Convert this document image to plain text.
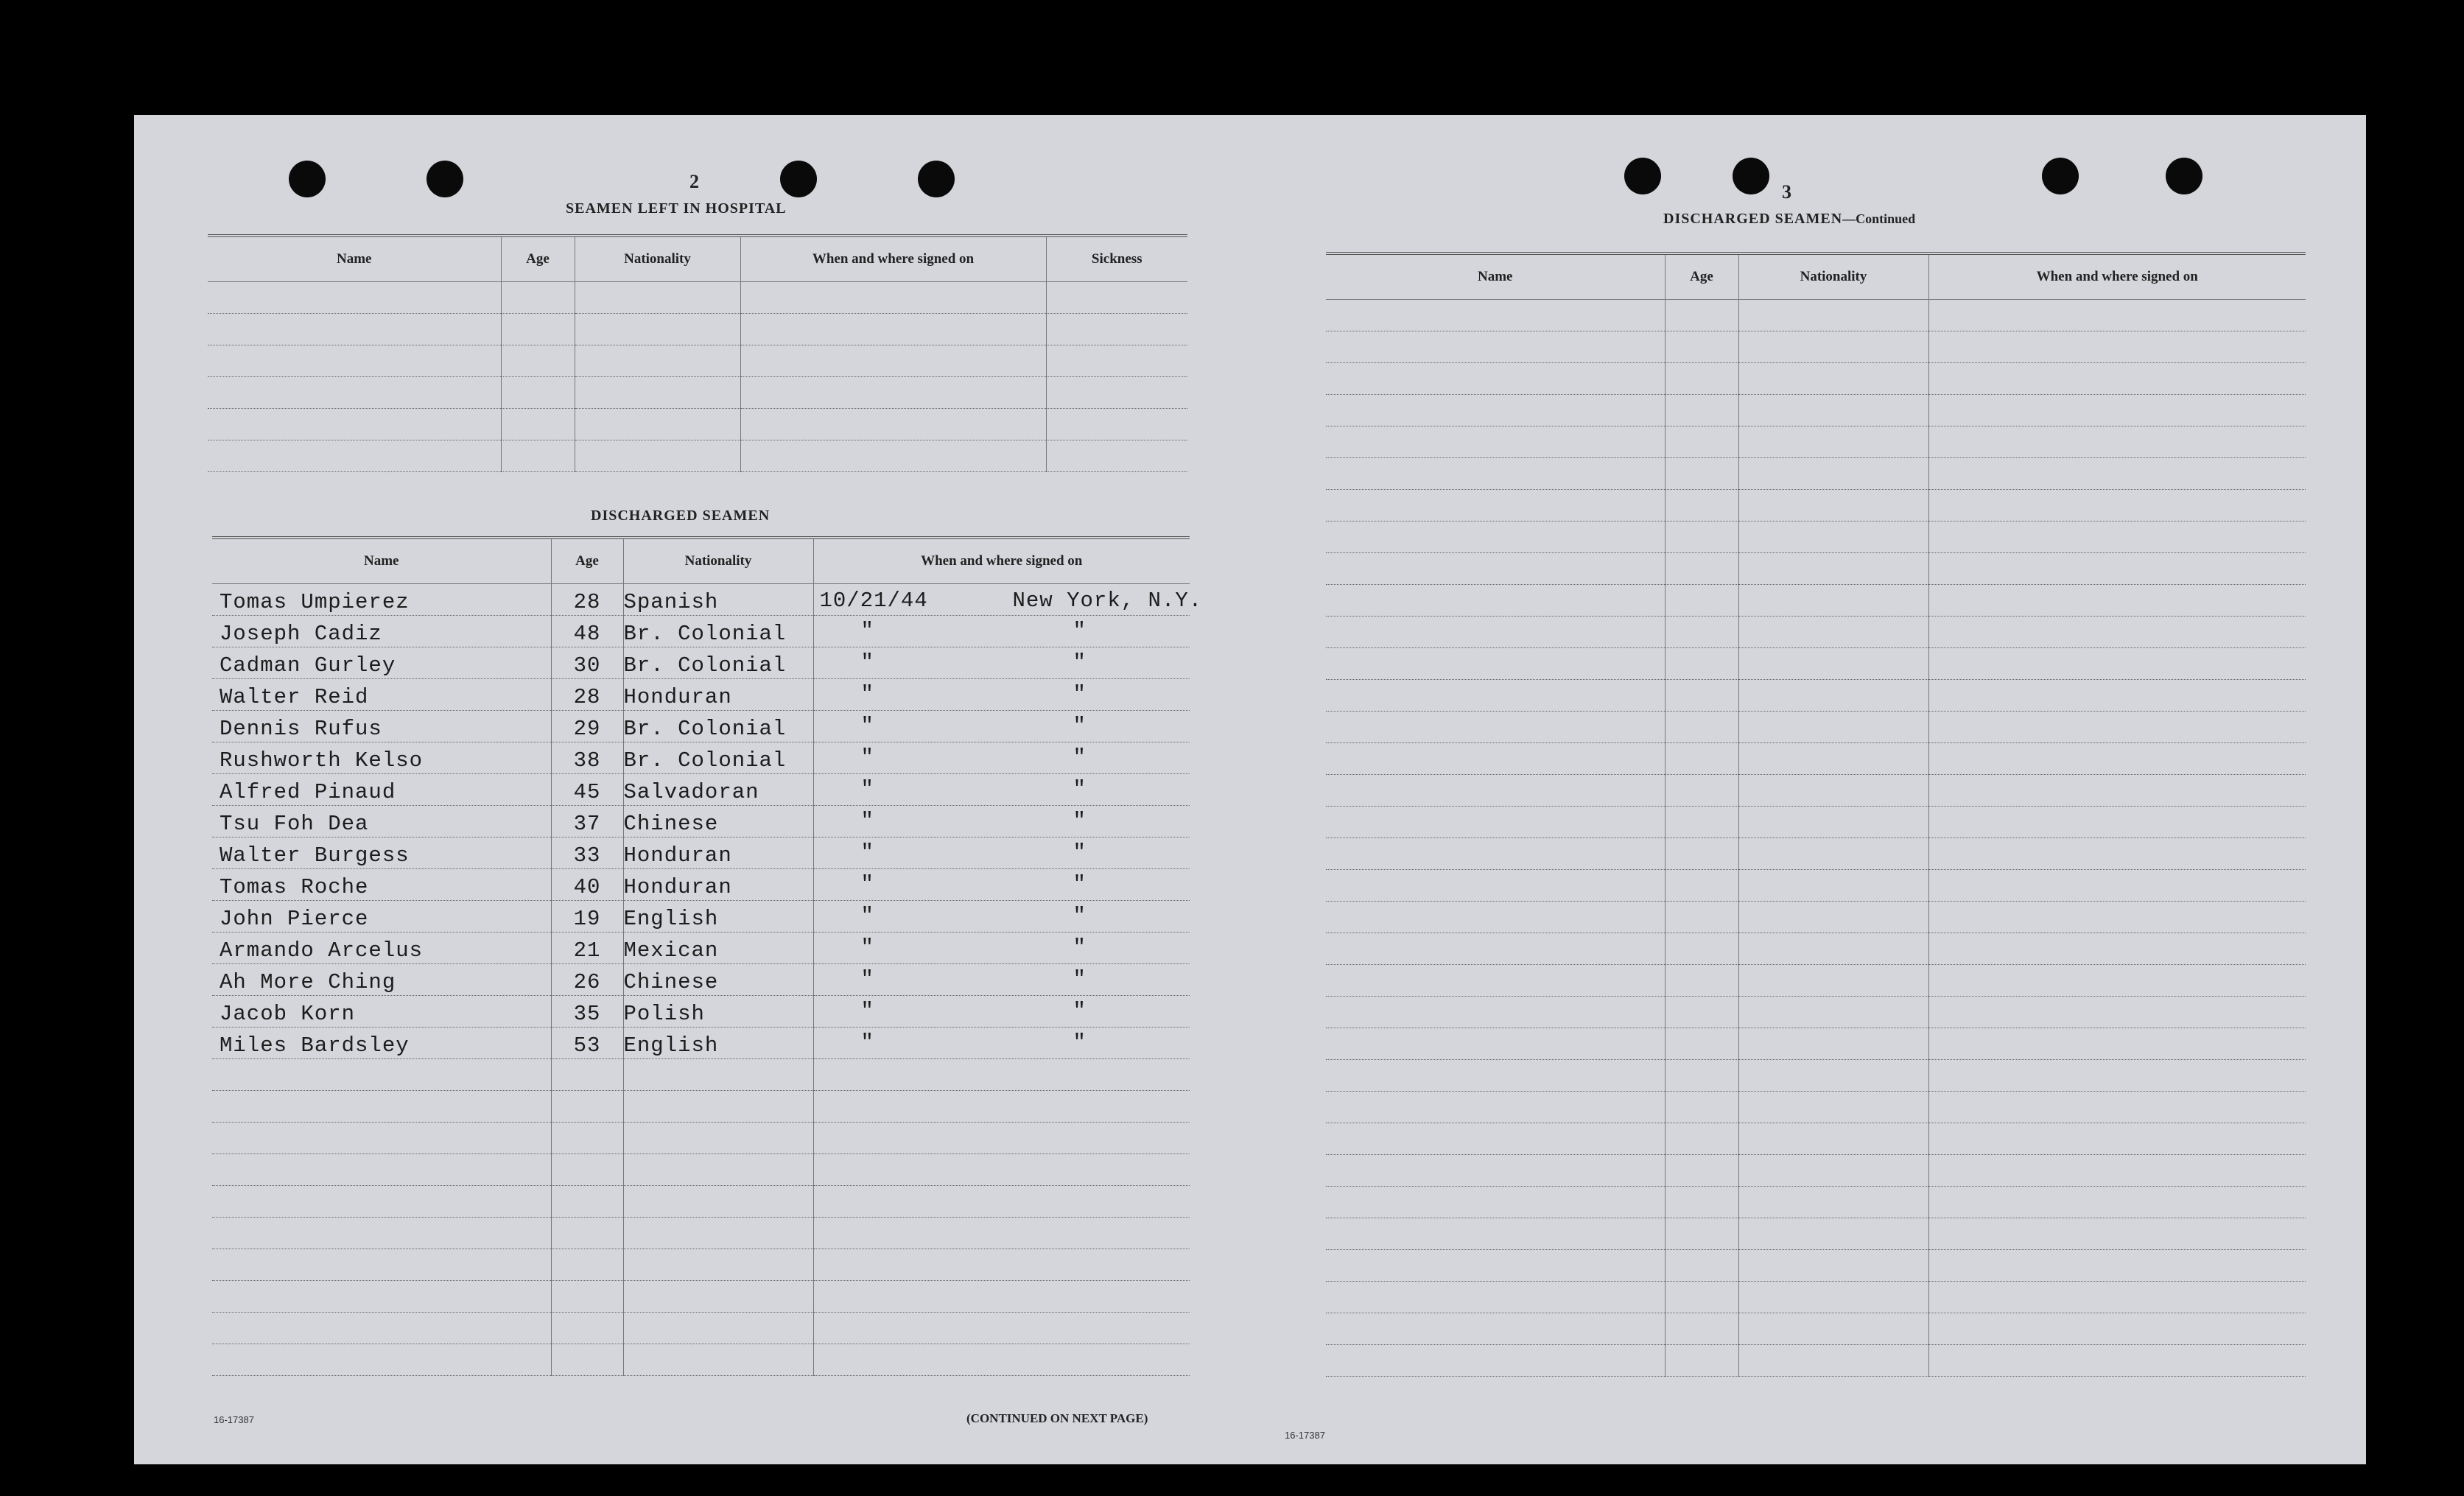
2
SEAMEN LEFT IN HOSPITAL
Name	Age	Nationality	When and where signed on	Sickness

DISCHARGED SEAMEN
Name	Age	Nationality	When and where signed on
Tomas Umpierez	28	Spanish	10/21/44 New York, N.Y.

Joseph Cadiz	48	Br. Colonial	" "

Cadman Gurley	30	Br. Colonial	" "

Walter Reid	28	Honduran	" "

Dennis Rufus	29	Br. Colonial	" "

Rushworth Kelso	38	Br. Colonial	" "

Alfred Pinaud	45	Salvadoran	" "

Tsu Foh Dea	37	Chinese	" "

Walter Burgess	33	Honduran	" "

Tomas Roche	40	Honduran	" "

John Pierce	19	English	" "

Armando Arcelus	21	Mexican	" "

Ah More Ching	26	Chinese	" "

Jacob Korn	35	Polish	" "

Miles Bardsley	53	English	" "

16-17387	(CONTINUED ON NEXT PAGE)
3
DISCHARGED SEAMEN—Continued
Name	Age	Nationality	When and where signed on

16-17387
